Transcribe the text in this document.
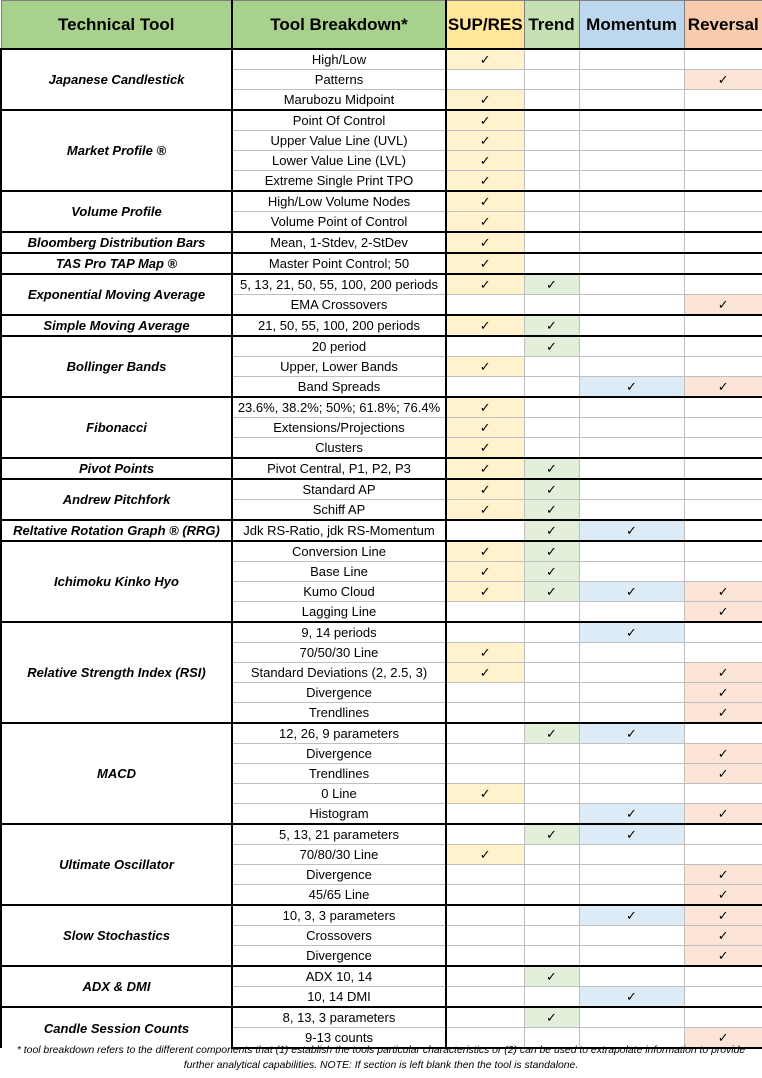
Technical Tool	Tool Breakdown*	SUP/RES	Trend	Momentum	Reversal
Japanese Candlestick	High/Low	✓			
	Patterns				✓
	Marubozu Midpoint	✓			
Market Profile ®	Point Of Control	✓			
	Upper Value Line (UVL)	✓			
	Lower Value Line (LVL)	✓			
	Extreme Single Print TPO	✓			
Volume Profile	High/Low Volume Nodes	✓			
	Volume Point of Control	✓			
Bloomberg Distribution Bars	Mean, 1-Stdev, 2-StDev	✓			
TAS Pro TAP Map ®	Master Point Control; 50	✓			
Exponential Moving Average	5, 13, 21, 50, 55, 100, 200 periods	✓	✓		
	EMA Crossovers				✓
Simple Moving Average	21, 50, 55, 100, 200 periods	✓	✓		
Bollinger Bands	20 period		✓		
	Upper, Lower Bands	✓			
	Band Spreads			✓	✓
Fibonacci	23.6%, 38.2%; 50%; 61.8%; 76.4%	✓			
	Extensions/Projections	✓			
	Clusters	✓			
Pivot Points	Pivot Central, P1, P2, P3	✓	✓		
Andrew Pitchfork	Standard AP	✓	✓		
	Schiff AP	✓	✓		
Reltative Rotation Graph ® (RRG)	Jdk RS-Ratio, jdk RS-Momentum		✓	✓	
Ichimoku Kinko Hyo	Conversion Line	✓	✓		
	Base Line	✓	✓		
	Kumo Cloud	✓	✓	✓	✓
	Lagging Line				✓
Relative Strength Index (RSI)	9, 14 periods			✓	
	70/50/30 Line	✓			
	Standard Deviations (2, 2.5, 3)	✓			✓
	Divergence				✓
	Trendlines				✓
MACD	12, 26, 9 parameters		✓	✓	
	Divergence				✓
	Trendlines				✓
	0 Line	✓			
	Histogram			✓	✓
Ultimate Oscillator	5, 13, 21 parameters		✓	✓	
	70/80/30 Line	✓			
	Divergence				✓
	45/65 Line				✓
Slow Stochastics	10, 3, 3 parameters			✓	✓
	Crossovers				✓
	Divergence				✓
ADX & DMI	ADX 10, 14		✓		
	10, 14 DMI			✓	
Candle Session Counts	8, 13, 3 parameters		✓		
	9-13 counts				✓
* tool breakdown refers to the different components that (1) establish the tools particular characteristics or (2) can be used to extrapolate information to provide further analytical capabilities. NOTE: If section is left blank then the tool is standalone.
